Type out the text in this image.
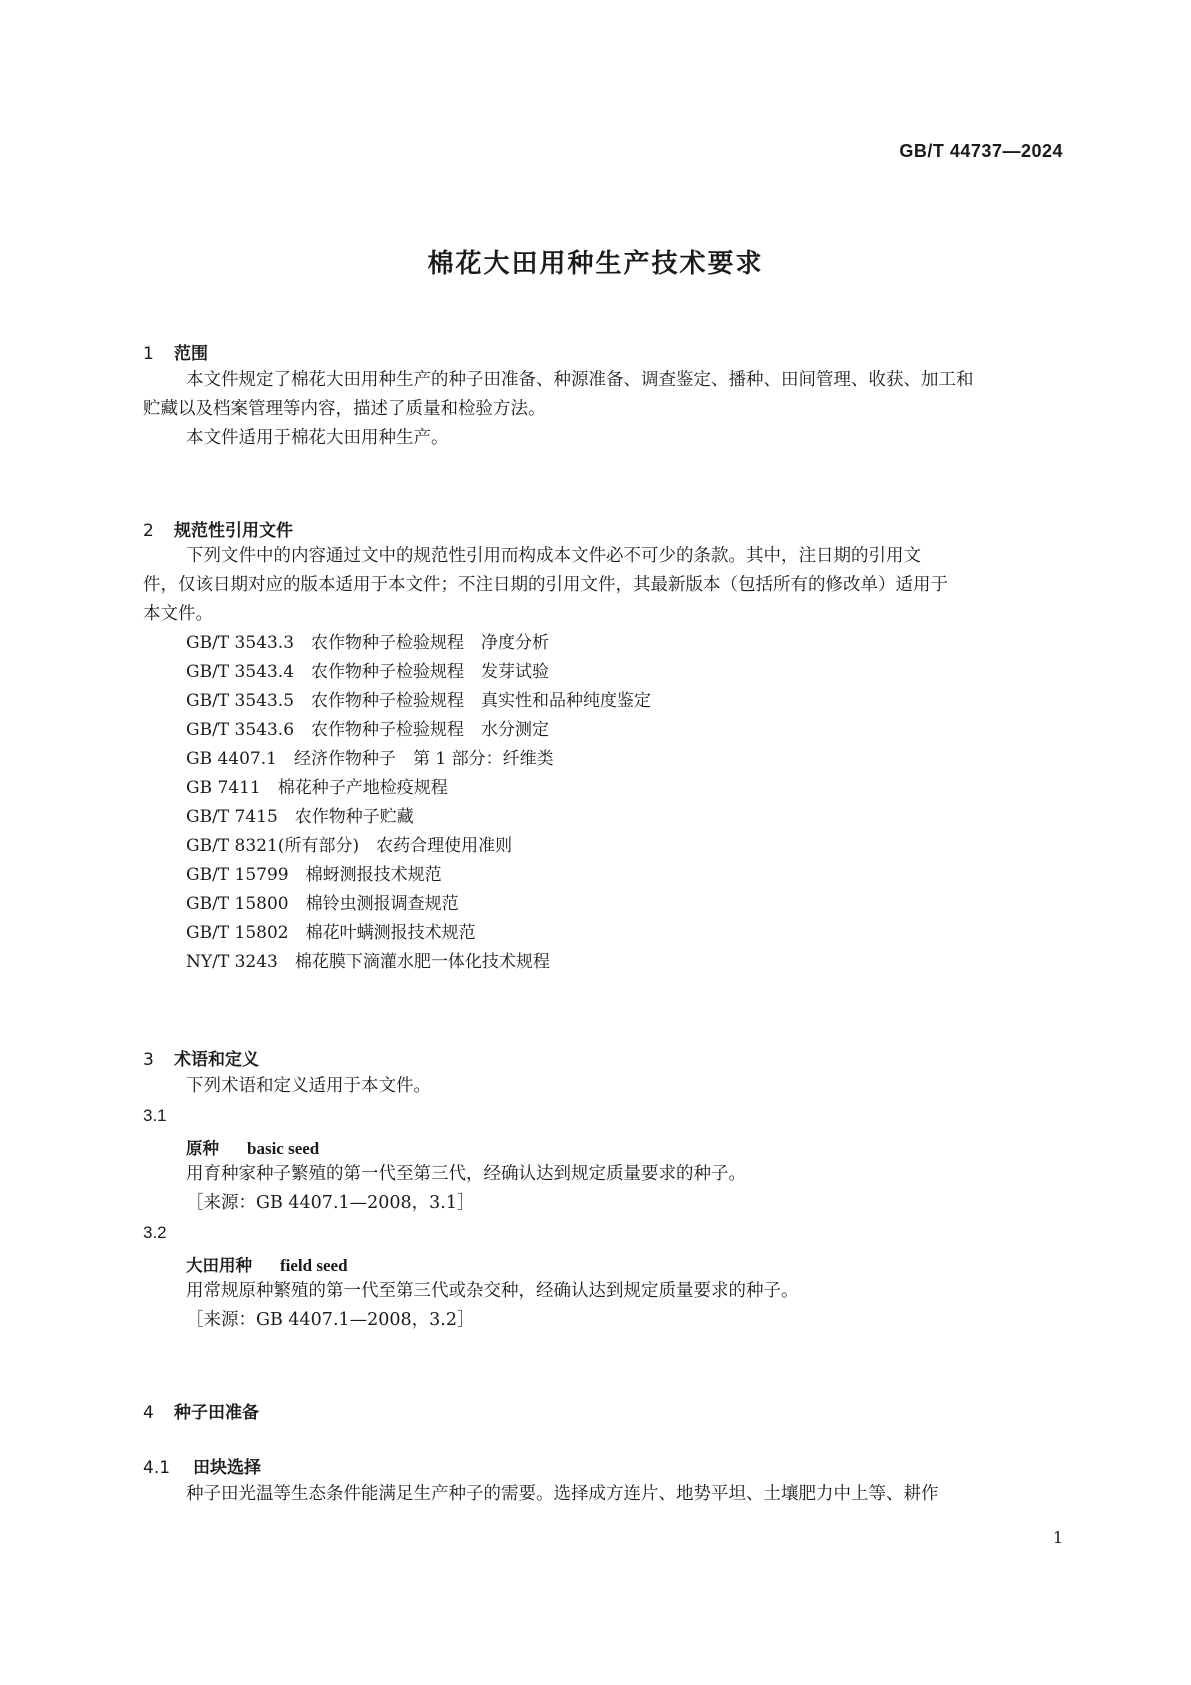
GB/T 44737—2024
棉花大田用种生产技术要求
1 范围
本文件规定了棉花大田用种生产的种子田准备、种源准备、调查鉴定、播种、田间管理、收获、加工和
贮藏以及档案管理等内容，描述了质量和检验方法。
本文件适用于棉花大田用种生产。
2 规范性引用文件
下列文件中的内容通过文中的规范性引用而构成本文件必不可少的条款。其中，注日期的引用文
件，仅该日期对应的版本适用于本文件；不注日期的引用文件，其最新版本（包括所有的修改单）适用于
本文件。
GB/T 3543.3　农作物种子检验规程　净度分析
GB/T 3543.4　农作物种子检验规程　发芽试验
GB/T 3543.5　农作物种子检验规程　真实性和品种纯度鉴定
GB/T 3543.6　农作物种子检验规程　水分测定
GB 4407.1　经济作物种子　第 1 部分：纤维类
GB 7411　棉花种子产地检疫规程
GB/T 7415　农作物种子贮藏
GB/T 8321(所有部分)　农药合理使用准则
GB/T 15799　棉蚜测报技术规范
GB/T 15800　棉铃虫测报调查规范
GB/T 15802　棉花叶螨测报技术规范
NY/T 3243　棉花膜下滴灌水肥一体化技术规程
3 术语和定义
下列术语和定义适用于本文件。
3.1
原种 basic seed
用育种家种子繁殖的第一代至第三代，经确认达到规定质量要求的种子。
［来源：GB 4407.1—2008，3.1］
3.2
大田用种 field seed
用常规原种繁殖的第一代至第三代或杂交种，经确认达到规定质量要求的种子。
［来源：GB 4407.1—2008，3.2］
4 种子田准备
4.1 田块选择
种子田光温等生态条件能满足生产种子的需要。选择成方连片、地势平坦、土壤肥力中上等、耕作
1
